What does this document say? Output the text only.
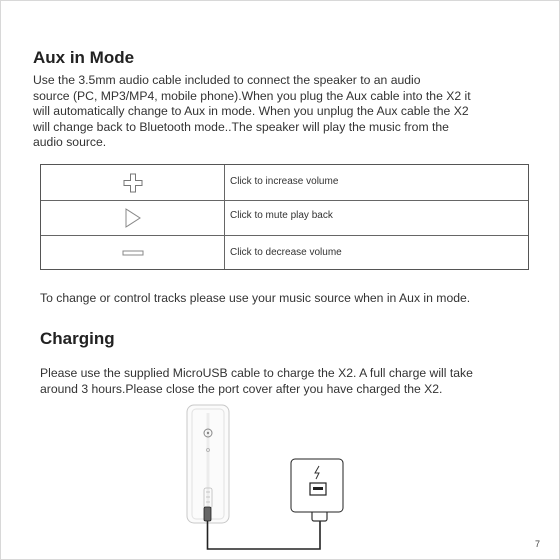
Aux in Mode
Use the 3.5mm audio cable included to connect the speaker to an audio
source (PC, MP3/MP4, mobile phone).When you plug the Aux cable into the X2 it
will automatically change to Aux in mode. When you unplug the Aux cable the X2
will change back to Bluetooth mode..The speaker will play the music from the
audio source.
Click to increase volume
Click to mute play back
Click to decrease volume
To change or control tracks please use your music source when in Aux in mode.
Charging
Please use the supplied MicroUSB cable to charge the X2. A full charge will take
around 3 hours.Please close the port cover after you have charged the X2.
7
